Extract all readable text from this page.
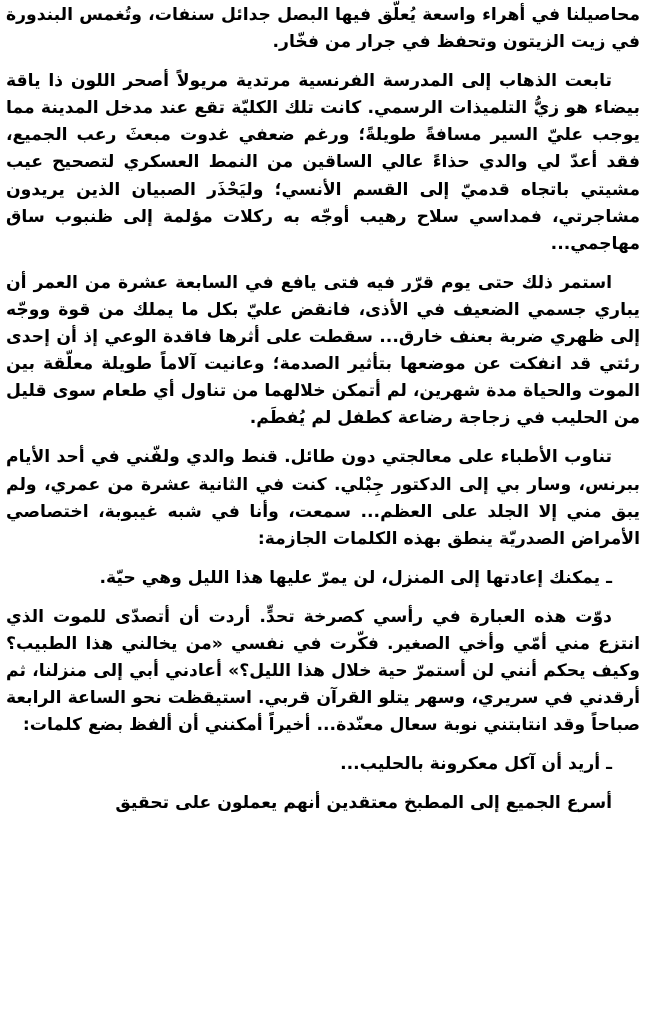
محاصيلنا في أهراء واسعة يُعلّق فيها البصل جدائل سنفات، وتُغمس البندورة في زيت الزيتون وتحفظ في جرار من فخّار.

تابعت الذهاب إلى المدرسة الفرنسية مرتدية مريولاً أصحر اللون ذا ياقة بيضاء هو زيُّ التلميذات الرسمي. كانت تلك الكليّة تقع عند مدخل المدينة مما يوجب عليّ السير مسافةً طويلةً؛ ورغم ضعفي غدوت مبعثَ رعب الجميع، فقد أعدّ لي والدي حذاءً عالي الساقين من النمط العسكري لتصحيح عيب مشيتي باتجاه قدميّ إلى القسم الأنسي؛ وليَحْذَر الصبيان الذين يريدون مشاجرتي، فمداسي سلاح رهيب أوجّه به ركلات مؤلمة إلى ظنبوب ساق مهاجمي...

استمر ذلك حتى يوم قرّر فيه فتى يافع في السابعة عشرة من العمر أن يباري جسمي الضعيف في الأذى، فانقض عليّ بكل ما يملك من قوة ووجّه إلى ظهري ضربة بعنف خارق... سقطت على أثرها فاقدة الوعي إذ أن إحدى رئتي قد انفكت عن موضعها بتأثير الصدمة؛ وعانيت آلاماً طويلة معلّقة بين الموت والحياة مدة شهرين، لم أتمكن خلالهما من تناول أي طعام سوى قليل من الحليب في زجاجة رضاعة كطفل لم يُفطَم.

تناوب الأطباء على معالجتي دون طائل. قنط والدي ولفّني في أحد الأيام ببرنس، وسار بي إلى الدكتور جِبْلي. كنت في الثانية عشرة من عمري، ولم يبق مني إلا الجلد على العظم... سمعت، وأنا في شبه غيبوبة، اختصاصي الأمراض الصدريّة ينطق بهذه الكلمات الجازمة:

ـ يمكنك إعادتها إلى المنزل، لن يمرّ عليها هذا الليل وهي حيّة.

دوّت هذه العبارة في رأسي كصرخة تحدٍّ. أردت أن أتصدّى للموت الذي انتزع مني أمّي وأخي الصغير. فكّرت في نفسي «من يخالني هذا الطبيب؟ وكيف يحكم أنني لن أستمرّ حية خلال هذا الليل؟» أعادني أبي إلى منزلنا، ثم أرقدني في سريري، وسهر يتلو القرآن قربي. استيقظت نحو الساعة الرابعة صباحاً وقد انتابتني نوبة سعال معنّدة... أخيراً أمكنني أن ألفظ بضع كلمات:

ـ أريد أن آكل معكرونة بالحليب...

أسرع الجميع إلى المطبخ معتقدين أنهم يعملون على تحقيق
